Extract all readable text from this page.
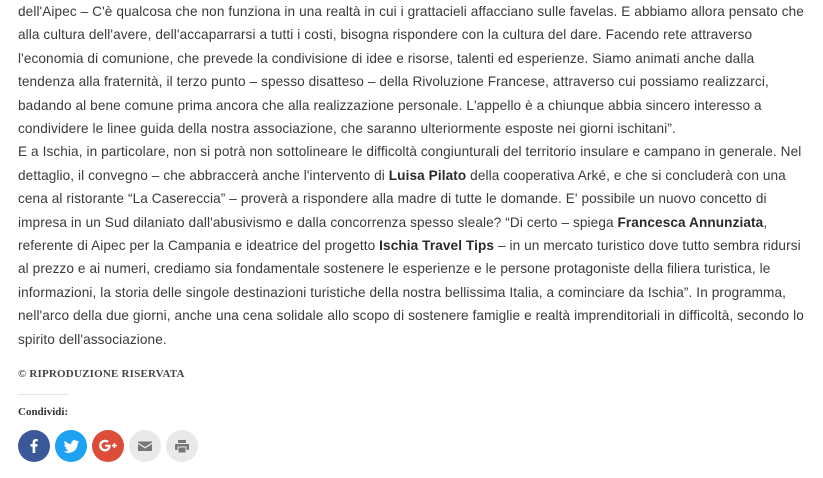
dell'Aipec – C'è qualcosa che non funziona in una realtà in cui i grattacieli affacciano sulle favelas. E abbiamo allora pensato che alla cultura dell'avere, dell'accaparrarsi a tutti i costi, bisogna rispondere con la cultura del dare. Facendo rete attraverso l'economia di comunione, che prevede la condivisione di idee e risorse, talenti ed esperienze. Siamo animati anche dalla tendenza alla fraternità, il terzo punto – spesso disatteso – della Rivoluzione Francese, attraverso cui possiamo realizzarci, badando al bene comune prima ancora che alla realizzazione personale. L'appello è a chiunque abbia sincero interesso a condividere le linee guida della nostra associazione, che saranno ulteriormente esposte nei giorni ischitani”.

E a Ischia, in particolare, non si potrà non sottolineare le difficoltà congiunturali del territorio insulare e campano in generale. Nel dettaglio, il convegno – che abbraccerà anche l'intervento di Luisa Pilato della cooperativa Arké, e che si concluderà con una cena al ristorante “La Casereccia” – proverà a rispondere alla madre di tutte le domande. E' possibile un nuovo concetto di impresa in un Sud dilaniato dall'abusivismo e dalla concorrenza spesso sleale? “Di certo – spiega Francesca Annunziata, referente di Aipec per la Campania e ideatrice del progetto Ischia Travel Tips – in un mercato turistico dove tutto sembra ridursi al prezzo e ai numeri, crediamo sia fondamentale sostenere le esperienze e le persone protagoniste della filiera turistica, le informazioni, la storia delle singole destinazioni turistiche della nostra bellissima Italia, a cominciare da Ischia”. In programma, nell'arco della due giorni, anche una cena solidale allo scopo di sostenere famiglie e realtà imprenditoriali in difficoltà, secondo lo spirito dell'associazione.

© RIPRODUZIONE RISERVATA
Condividi:
